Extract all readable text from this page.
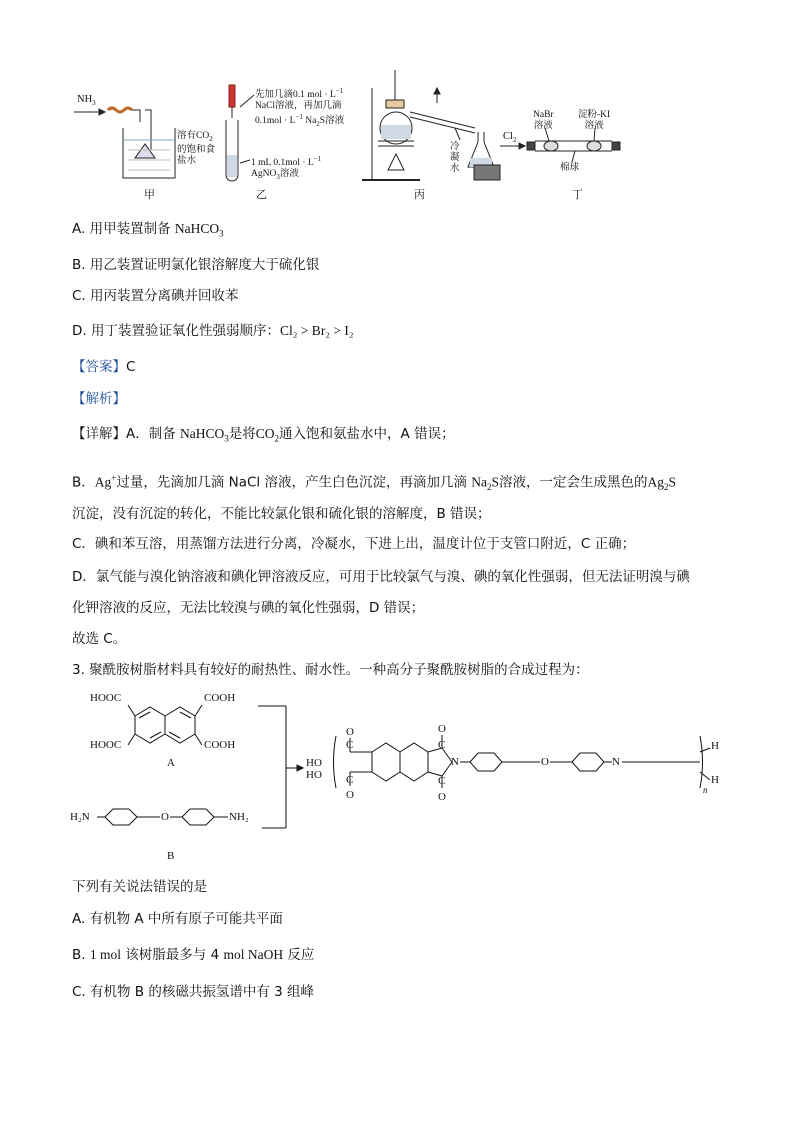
$NH_3$
溶有$CO_2$
的饱和食
盐水
甲
先加几滴0.1 mol · $L^{-1}$
NaCl溶液，再加几滴
$0.1mol \cdot L^{-1}$ $Na_2S$溶液
1 mL $0.1mol \cdot L^{-1}$
AgNO$_3$溶液
乙
冷
凝
水
丙
$Cl_2$
NaBr
溶液
淀粉-KI
溶液
棉球
丁
A. 用甲装置制备 NaHCO$_3$
B. 用乙装置证明氯化银溶解度大于硫化银
C. 用丙装置分离碘并回收苯
D. 用丁装置验证氧化性强弱顺序：Cl₂ > Br₂ > I₂
【答案】C
【解析】
【详解】A．制备 NaHCO$_3$是将$CO_2$通入饱和氨盐水中，A 错误；
B．Ag+过量，先滴加几滴 NaCl 溶液，产生白色沉淀，再滴加几滴 $Na_2S$溶液，一定会生成黑色的$Ag_2S$
沉淀，没有沉淀的转化，不能比较氯化银和硫化银的溶解度，B 错误；
C．碘和苯互溶，用蒸馏方法进行分离，冷凝水，下进上出，温度计位于支管口附近，C 正确；
D．氯气能与溴化钠溶液和碘化钾溶液反应，可用于比较氯气与溴、碘的氧化性强弱，但无法证明溴与碘
化钾溶液的反应，无法比较溴与碘的氧化性强弱，D 错误；
故选 C。
3. 聚酰胺树脂材料具有较好的耐热性、耐水性。一种高分子聚酰胺树脂的合成过程为：
HOOC	COOH
HOOC	COOH
A
H₂N	O	NH₂
B
HO
HO
O
C
C
O
O
C
N
C
O
O	N
H
H
n
下列有关说法错误的是
A. 有机物 A 中所有原子可能共平面
B. 1 mol 该树脂最多与 4 mol NaOH 反应
C. 有机物 B 的核磁共振氢谱中有 3 组峰
